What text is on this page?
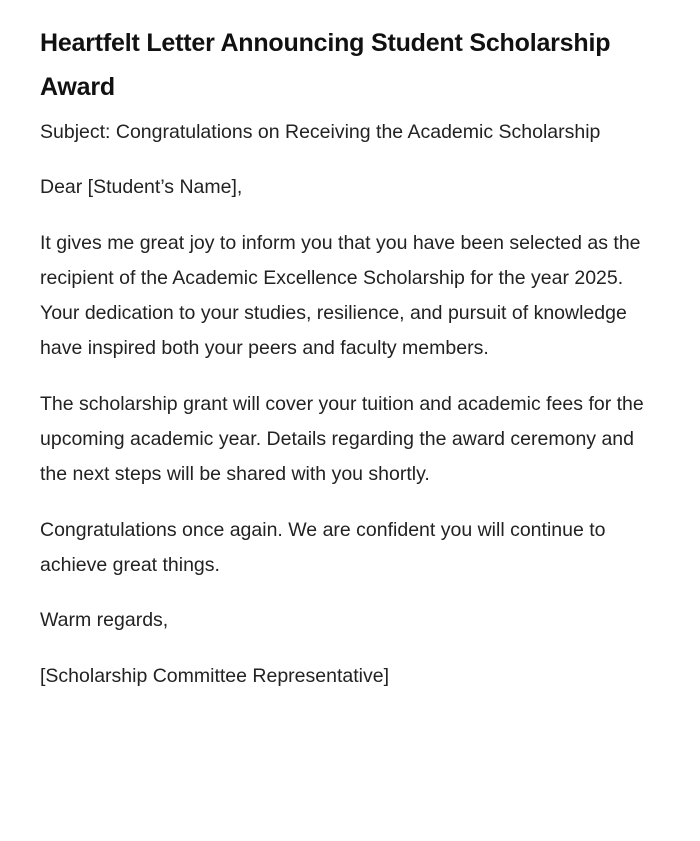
Heartfelt Letter Announcing Student Scholarship Award

Subject: Congratulations on Receiving the Academic Scholarship

Dear [Student’s Name],

It gives me great joy to inform you that you have been selected as the recipient of the Academic Excellence Scholarship for the year 2025. Your dedication to your studies, resilience, and pursuit of knowledge have inspired both your peers and faculty members.

The scholarship grant will cover your tuition and academic fees for the upcoming academic year. Details regarding the award ceremony and the next steps will be shared with you shortly.

Congratulations once again. We are confident you will continue to achieve great things.

Warm regards,

[Scholarship Committee Representative]
